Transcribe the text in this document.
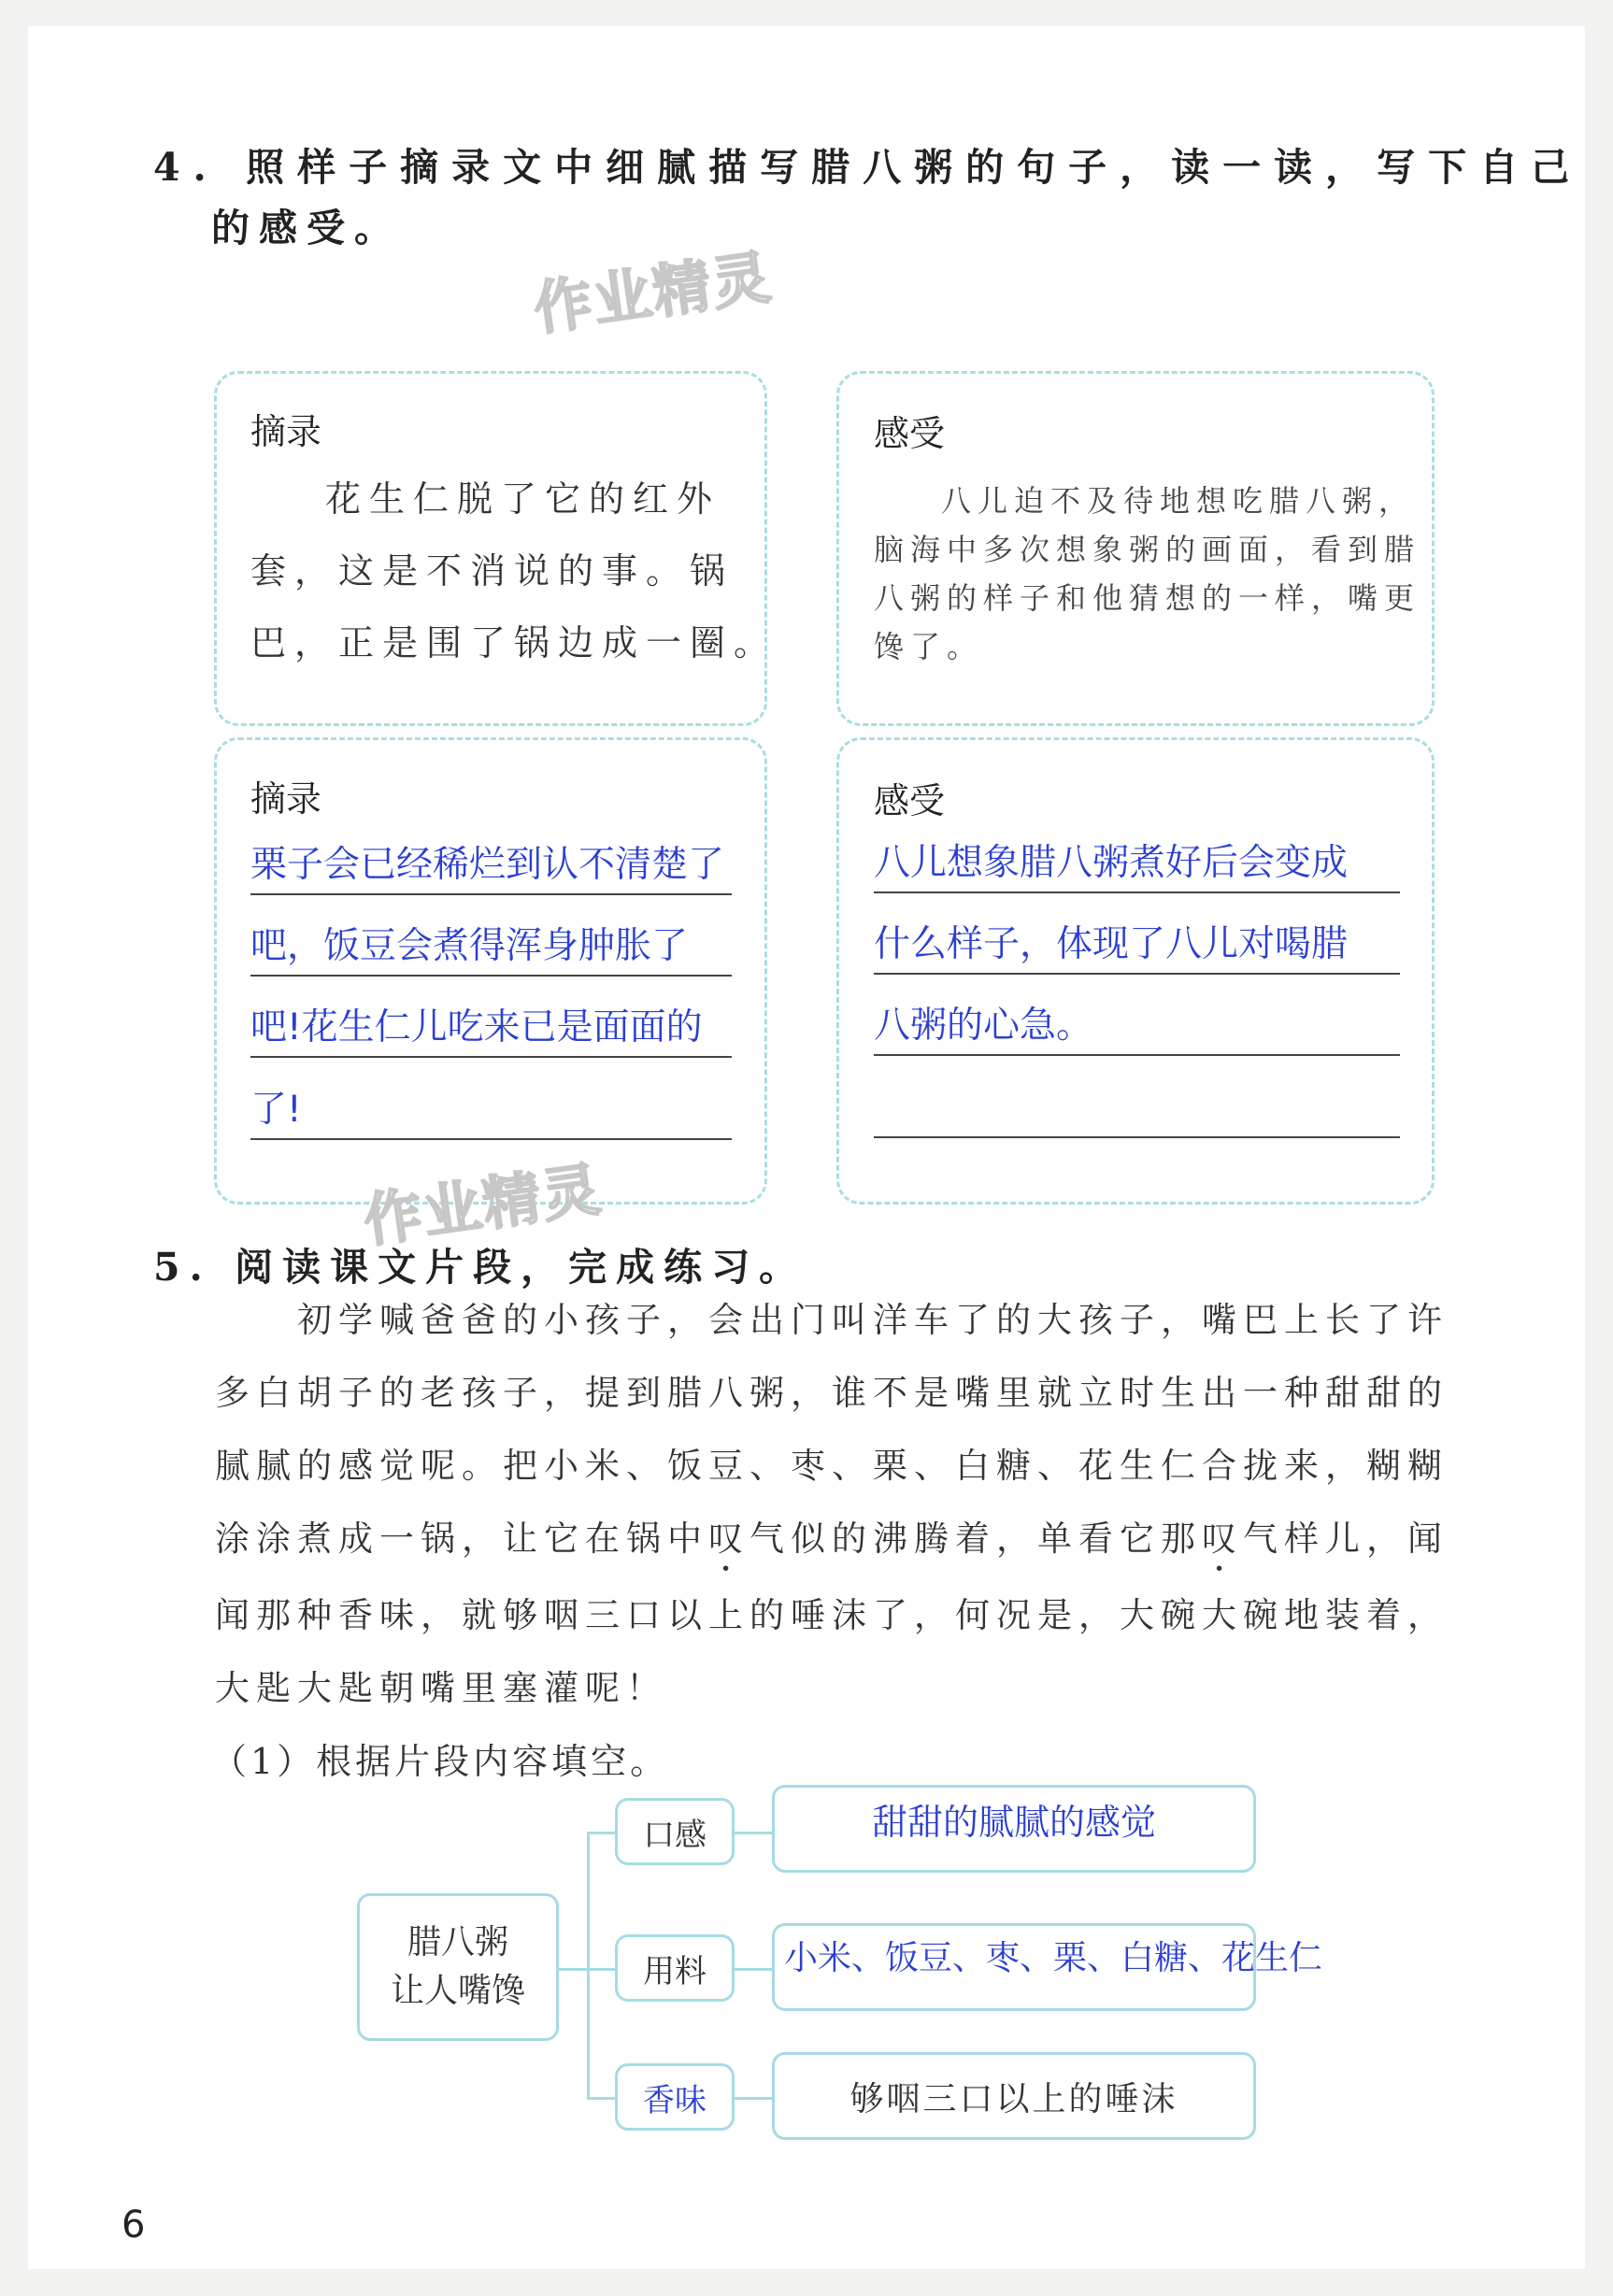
4. 照样子摘录文中细腻描写腊八粥的句子，读一读，写下自己
的感受。
作业精灵
摘录
花生仁脱了它的红外
套，这是不消说的事。锅
巴，正是围了锅边成一圈。
感受
八儿迫不及待地想吃腊八粥，
脑海中多次想象粥的画面，看到腊
八粥的样子和他猜想的一样，嘴更
馋了。
摘录
栗子会已经稀烂到认不清楚了
吧，饭豆会煮得浑身肿胀了
吧!花生仁儿吃来已是面面的
了!
感受
八儿想象腊八粥煮好后会变成
什么样子，体现了八儿对喝腊
八粥的心急。
作业精灵
5. 阅读课文片段，完成练习。
初学喊爸爸的小孩子，会出门叫洋车了的大孩子，嘴巴上长了许
多白胡子的老孩子，提到腊八粥，谁不是嘴里就立时生出一种甜甜的
腻腻的感觉呢。把小米、饭豆、枣、栗、白糖、花生仁合拢来，糊糊
涂涂煮成一锅，让它在锅中叹气似的沸腾着，单看它那叹气样儿，闻
闻那种香味，就够咽三口以上的唾沫了，何况是，大碗大碗地装着，
大匙大匙朝嘴里塞灌呢！
（1）根据片段内容填空。
腊八粥
让人嘴馋
口感
用料
香味
甜甜的腻腻的感觉
小米、饭豆、枣、栗、白糖、花生仁
够咽三口以上的唾沫
6
